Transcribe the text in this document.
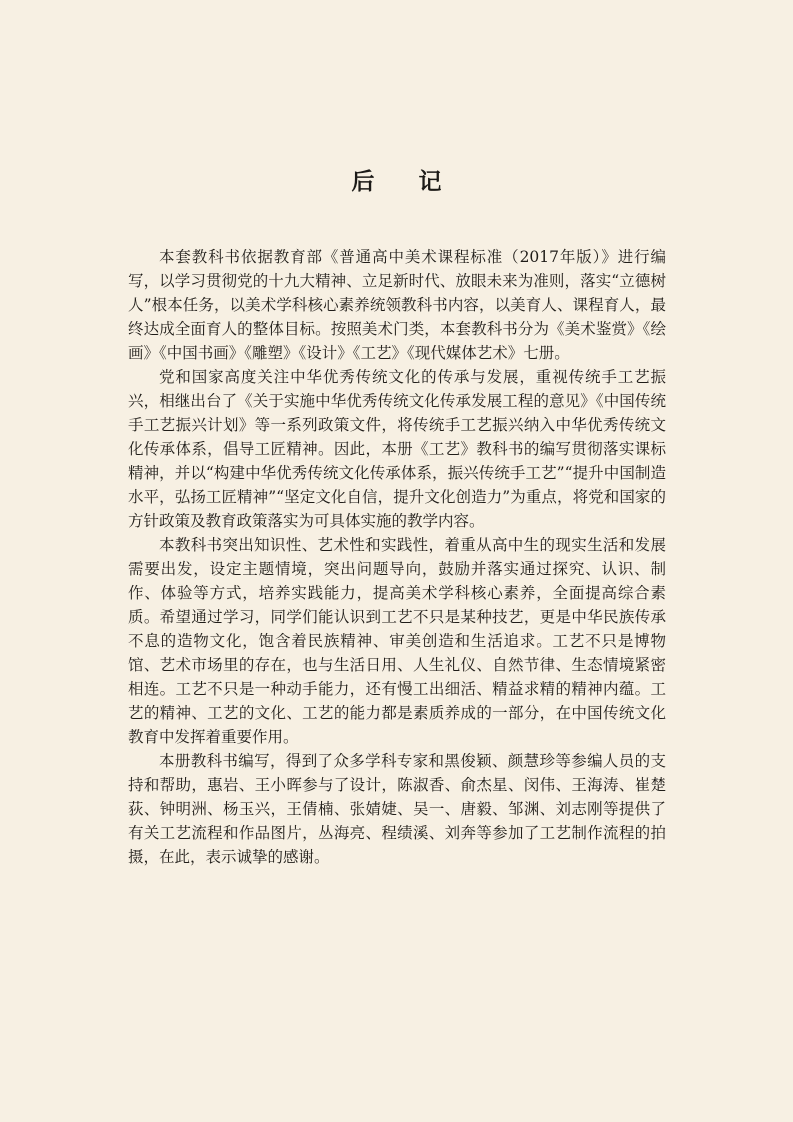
后记

本套教科书依据教育部《普通高中美术课程标准（2017年版）》进行编写，以学习贯彻党的十九大精神、立足新时代、放眼未来为准则，落实“立德树人”根本任务，以美术学科核心素养统领教科书内容，以美育人、课程育人，最终达成全面育人的整体目标。按照美术门类，本套教科书分为《美术鉴赏》《绘画》《中国书画》《雕塑》《设计》《工艺》《现代媒体艺术》七册。

党和国家高度关注中华优秀传统文化的传承与发展，重视传统手工艺振兴，相继出台了《关于实施中华优秀传统文化传承发展工程的意见》《中国传统手工艺振兴计划》等一系列政策文件，将传统手工艺振兴纳入中华优秀传统文化传承体系，倡导工匠精神。因此，本册《工艺》教科书的编写贯彻落实课标精神，并以“构建中华优秀传统文化传承体系，振兴传统手工艺”“提升中国制造水平，弘扬工匠精神”“坚定文化自信，提升文化创造力”为重点，将党和国家的方针政策及教育政策落实为可具体实施的教学内容。

本教科书突出知识性、艺术性和实践性，着重从高中生的现实生活和发展需要出发，设定主题情境，突出问题导向，鼓励并落实通过探究、认识、制作、体验等方式，培养实践能力，提高美术学科核心素养，全面提高综合素质。希望通过学习，同学们能认识到工艺不只是某种技艺，更是中华民族传承不息的造物文化，饱含着民族精神、审美创造和生活追求。工艺不只是博物馆、艺术市场里的存在，也与生活日用、人生礼仪、自然节律、生态情境紧密相连。工艺不只是一种动手能力，还有慢工出细活、精益求精的精神内蕴。工艺的精神、工艺的文化、工艺的能力都是素质养成的一部分，在中国传统文化教育中发挥着重要作用。

本册教科书编写，得到了众多学科专家和黑俊颖、颜慧珍等参编人员的支持和帮助，惠岩、王小晖参与了设计，陈淑香、俞杰星、闵伟、王海涛、崔楚荻、钟明洲、杨玉兴，王倩楠、张婧婕、吴一、唐毅、邹渊、刘志刚等提供了有关工艺流程和作品图片，丛海亮、程绩溪、刘奔等参加了工艺制作流程的拍摄，在此，表示诚挚的感谢。
